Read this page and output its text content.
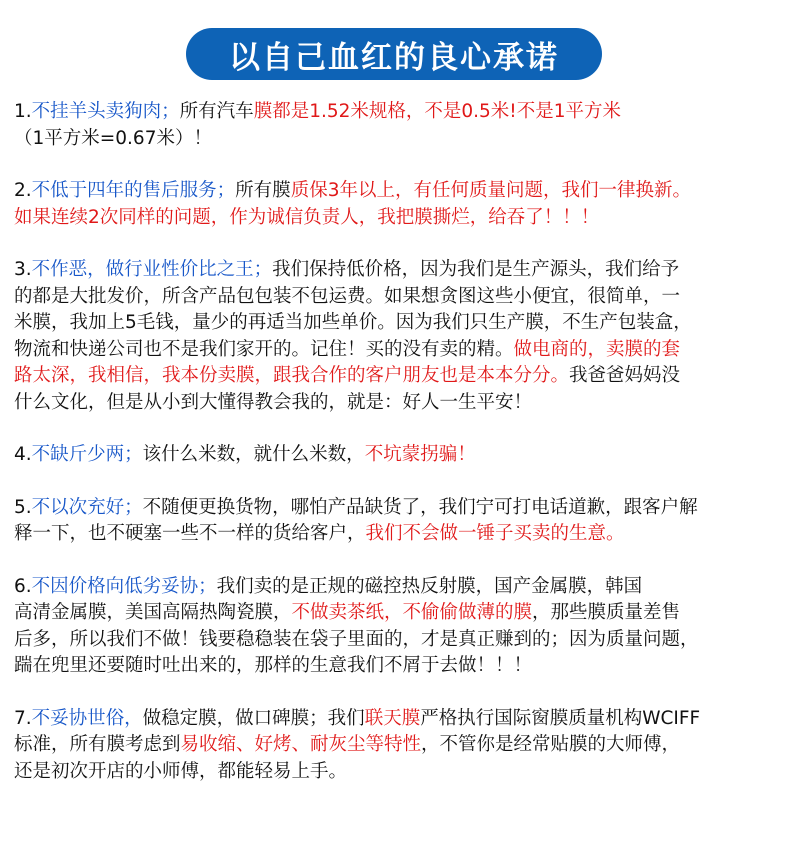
以自己血红的良心承诺
1.不挂羊头卖狗肉；所有汽车膜都是1.52米规格，不是0.5米!不是1平方米
（1平方米=0.67米）！
2.不低于四年的售后服务；所有膜质保3年以上，有任何质量问题，我们一律换新。
如果连续2次同样的问题，作为诚信负责人，我把膜撕烂，给吞了！！！
3.不作恶，做行业性价比之王；我们保持低价格，因为我们是生产源头，我们给予
的都是大批发价，所含产品包包装不包运费。如果想贪图这些小便宜，很简单，一
米膜，我加上5毛钱，量少的再适当加些单价。因为我们只生产膜，不生产包装盒，
物流和快递公司也不是我们家开的。记住！买的没有卖的精。做电商的，卖膜的套
路太深，我相信，我本份卖膜，跟我合作的客户朋友也是本本分分。我爸爸妈妈没
什么文化，但是从小到大懂得教会我的，就是：好人一生平安！
4.不缺斤少两；该什么米数，就什么米数，不坑蒙拐骗！
5.不以次充好；不随便更换货物，哪怕产品缺货了，我们宁可打电话道歉，跟客户解
释一下，也不硬塞一些不一样的货给客户，我们不会做一锤子买卖的生意。
6.不因价格向低劣妥协；我们卖的是正规的磁控热反射膜，国产金属膜，韩国
高清金属膜，美国高隔热陶瓷膜，不做卖茶纸，不偷偷做薄的膜，那些膜质量差售
后多，所以我们不做！钱要稳稳装在袋子里面的，才是真正赚到的；因为质量问题，
踹在兜里还要随时吐出来的，那样的生意我们不屑于去做！！！
7.不妥协世俗，做稳定膜，做口碑膜；我们联天膜严格执行国际窗膜质量机构WCIFF
标准，所有膜考虑到易收缩、好烤、耐灰尘等特性，不管你是经常贴膜的大师傅，
还是初次开店的小师傅，都能轻易上手。
